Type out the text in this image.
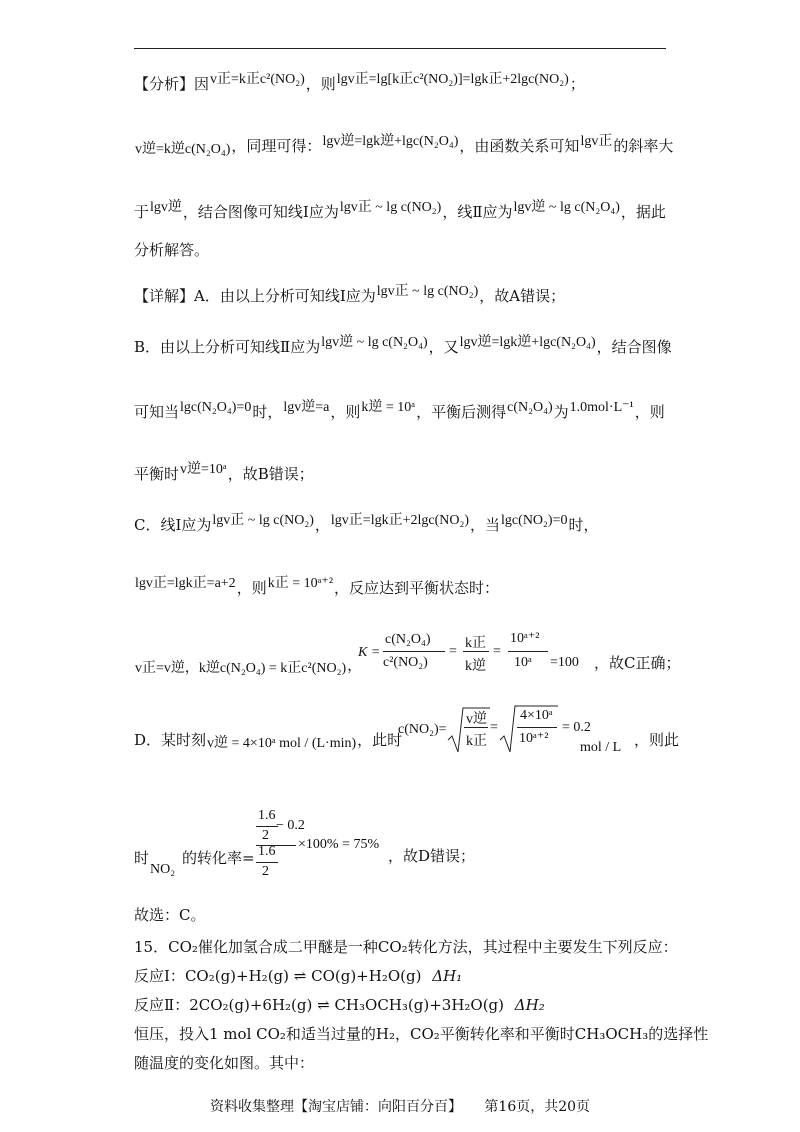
【分析】因v正=k正c²(NO₂)，则lgv正=lg[k正c²(NO₂)]=lgk正+2lgc(NO₂)；
v逆=k逆c(N₂O₄)，同理可得：lgv逆=lgk逆+lgc(N₂O₄)，由函数关系可知lgv正的斜率大
于lgv逆，结合图像可知线Ⅰ应为lgv正 ~ lg c(NO₂)，线Ⅱ应为lgv逆 ~ lg c(N₂O₄)，据此
分析解答。
【详解】A．由以上分析可知线Ⅰ应为lgv正 ~ lg c(NO₂)，故A错误；
B．由以上分析可知线Ⅱ应为lgv逆 ~ lg c(N₂O₄)，又lgv逆=lgk逆+lgc(N₂O₄)，结合图像
可知当lgc(N₂O₄)=0时，lgv逆=a，则k逆 = 10ᵃ，平衡后测得c(N₂O₄)为1.0mol·L⁻¹，则
平衡时v逆=10ᵃ，故B错误；
C．线Ⅰ应为lgv正 ~ lg c(NO₂)，lgv正=lgk正+2lgc(NO₂)，当lgc(NO₂)=0时，
lgv正=lgk正=a+2，则k正 = 10ᵃ⁺²，反应达到平衡状态时：
v正=v逆，k逆c(N₂O₄) = k正c²(NO₂)，
K =
c(N₂O₄)
c²(NO₂)
=
k正
k逆
=
10ᵃ⁺²
10ᵃ =100 ，故C正确；
D．某时刻v逆 = 4×10ᵃ mol / (L·min)，此时
c(NO₂)=
v逆
k正
=
4×10ᵃ
10ᵃ⁺²
= 0.2
mol / L ，则此
时
NO₂
的转化率=
1.6
2
− 0.2
1.6
2
×100% = 75%
，故D错误；
故选：C。
15．CO₂催化加氢合成二甲醚是一种CO₂转化方法，其过程中主要发生下列反应：
反应Ⅰ：CO₂(g)+H₂(g) ⇌ CO(g)+H₂O(g) ΔH₁
反应Ⅱ：2CO₂(g)+6H₂(g) ⇌ CH₃OCH₃(g)+3H₂O(g) ΔH₂
恒压，投入1 mol CO₂和适当过量的H₂，CO₂平衡转化率和平衡时CH₃OCH₃的选择性
随温度的变化如图。其中：
资料收集整理【淘宝店铺：向阳百分百】 第16页，共20页
